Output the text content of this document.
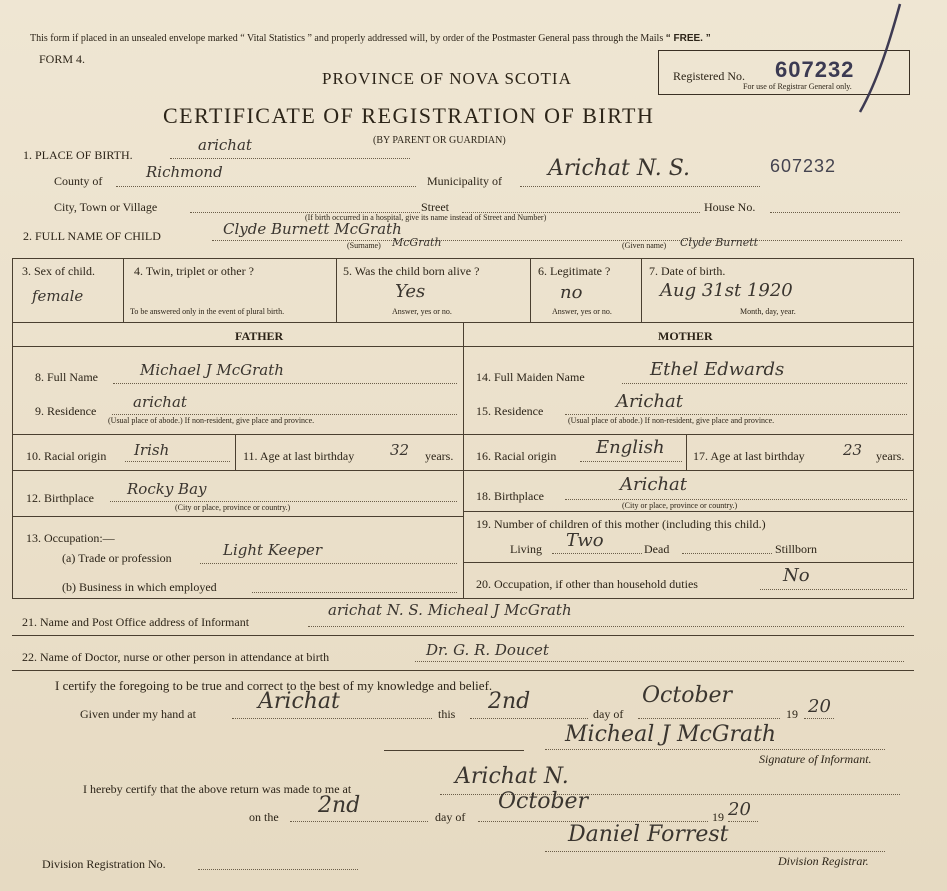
This form if placed in an unsealed envelope marked “ Vital Statistics ” and properly addressed will, by order of the Postmaster General pass through the Mails “ FREE. ”
FORM 4.
PROVINCE OF NOVA SCOTIA
CERTIFICATE OF REGISTRATION OF BIRTH
(BY PARENT OR GUARDIAN)
Registered No. 607232
For use of Registrar General only.
1. PLACE OF BIRTH.
arichat
County of	Richmond	Municipality of Arichat N. S.	607232
City, Town or Village	Street	House No.
(If birth occurred in a hospital, give its name instead of Street and Number)
2. FULL NAME OF CHILD	Clyde Burnett McGrath
(Surname) McGrath	(Given name) Clyde Burnett
3. Sex of child.
female
4. Twin, triplet or other ?
To be answered only in the event of plural birth.
5. Was the child born alive ?
Yes
Answer, yes or no.
6. Legitimate ?
no
Answer, yes or no.
7. Date of birth.
Aug 31st 1920
Month, day, year.
FATHER	MOTHER
8. Full Name	Michael J McGrath
9. Residence arichat
(Usual place of abode.) If non-resident, give place and province.
10. Racial origin Irish	11. Age at last birthday 32 years.
12. Birthplace Rocky Bay
(City or place, province or country.)
13. Occupation:—
(a) Trade or profession	Light Keeper
(b) Business in which employed
14. Full Maiden Name	Ethel Edwards
15. Residence	Arichat
(Usual place of abode.) If non-resident, give place and province.
16. Racial origin English 17. Age at last birthday	23 years.
18. Birthplace
Arichat
(City or place, province or country.)
19. Number of children of this mother (including this child.)
Living Two	Dead	Stillborn
20. Occupation, if other than household duties	No
21. Name and Post Office address of Informant
arichat N. S. Micheal J McGrath
22. Name of Doctor, nurse or other person in attendance at birth	Dr. G. R. Doucet
I certify the foregoing to be true and correct to the best of my knowledge and belief.
Given under my hand at	Arichat	this 2nd	day of
October
19 20
Micheal J McGrath
Signature of Informant.
I hereby certify that the above return was made to me at	Arichat N.
on the 2nd	day of
October
19 20
Daniel Forrest
Division Registrar.
Division Registration No.
